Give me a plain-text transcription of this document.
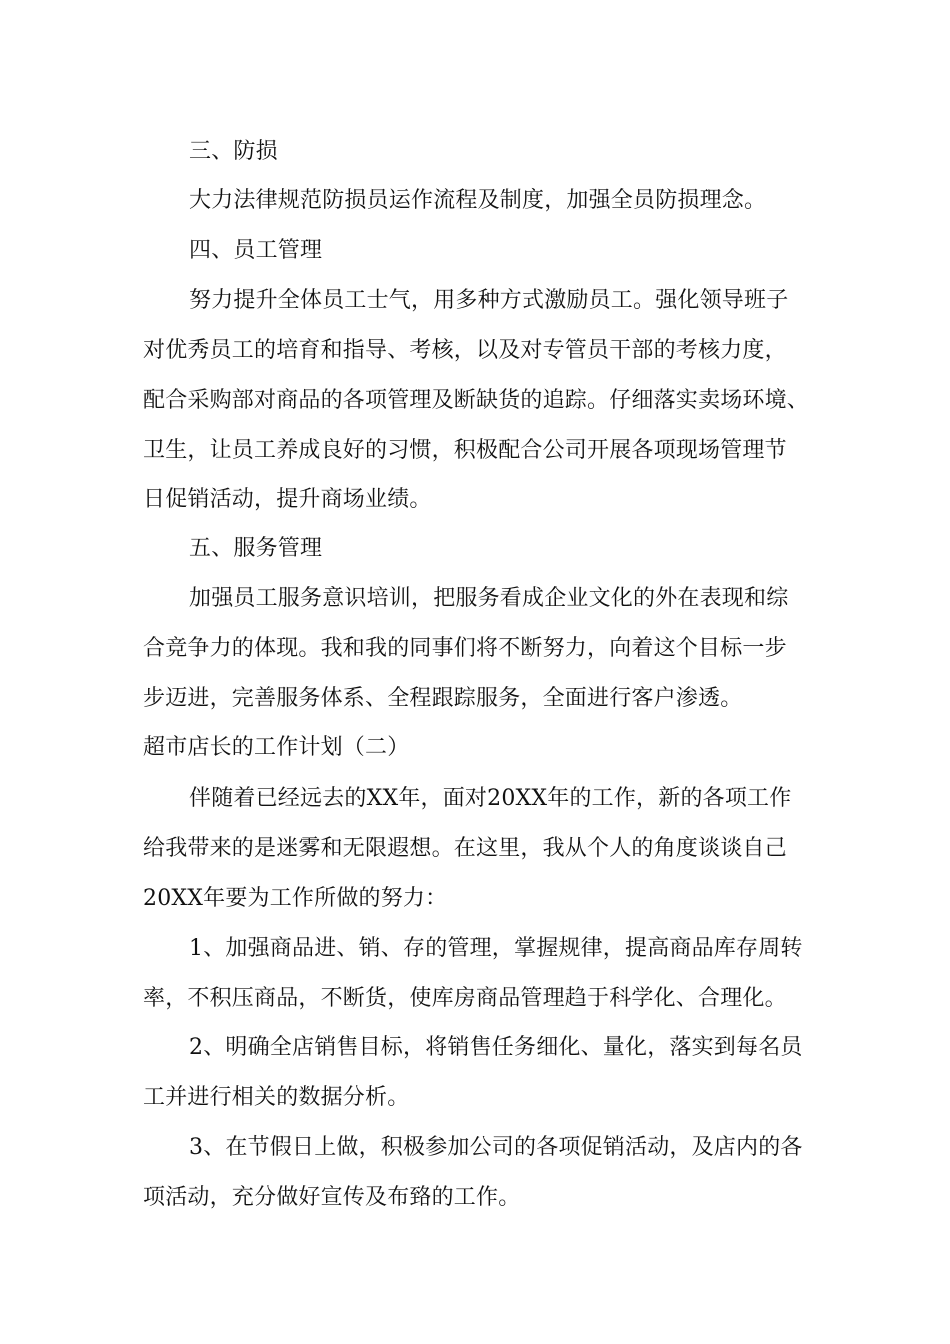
三、防损
大力法律规范防损员运作流程及制度，加强全员防损理念。
四、员工管理
努力提升全体员工士气，用多种方式激励员工。强化领导班子
对优秀员工的培育和指导、考核，以及对专管员干部的考核力度，
配合采购部对商品的各项管理及断缺货的追踪。仔细落实卖场环境、
卫生，让员工养成良好的习惯，积极配合公司开展各项现场管理节
日促销活动，提升商场业绩。
五、服务管理
加强员工服务意识培训，把服务看成企业文化的外在表现和综
合竞争力的体现。我和我的同事们将不断努力，向着这个目标一步
步迈进，完善服务体系、全程跟踪服务，全面进行客户渗透。
超市店长的工作计划（二）
伴随着已经远去的XX年，面对20XX年的工作，新的各项工作
给我带来的是迷雾和无限遐想。在这里，我从个人的角度谈谈自己
20XX年要为工作所做的努力：
1、加强商品进、销、存的管理，掌握规律，提高商品库存周转
率，不积压商品，不断货，使库房商品管理趋于科学化、合理化。
2、明确全店销售目标，将销售任务细化、量化，落实到每名员
工并进行相关的数据分析。
3、在节假日上做，积极参加公司的各项促销活动，及店内的各
项活动，充分做好宣传及布臵的工作。
